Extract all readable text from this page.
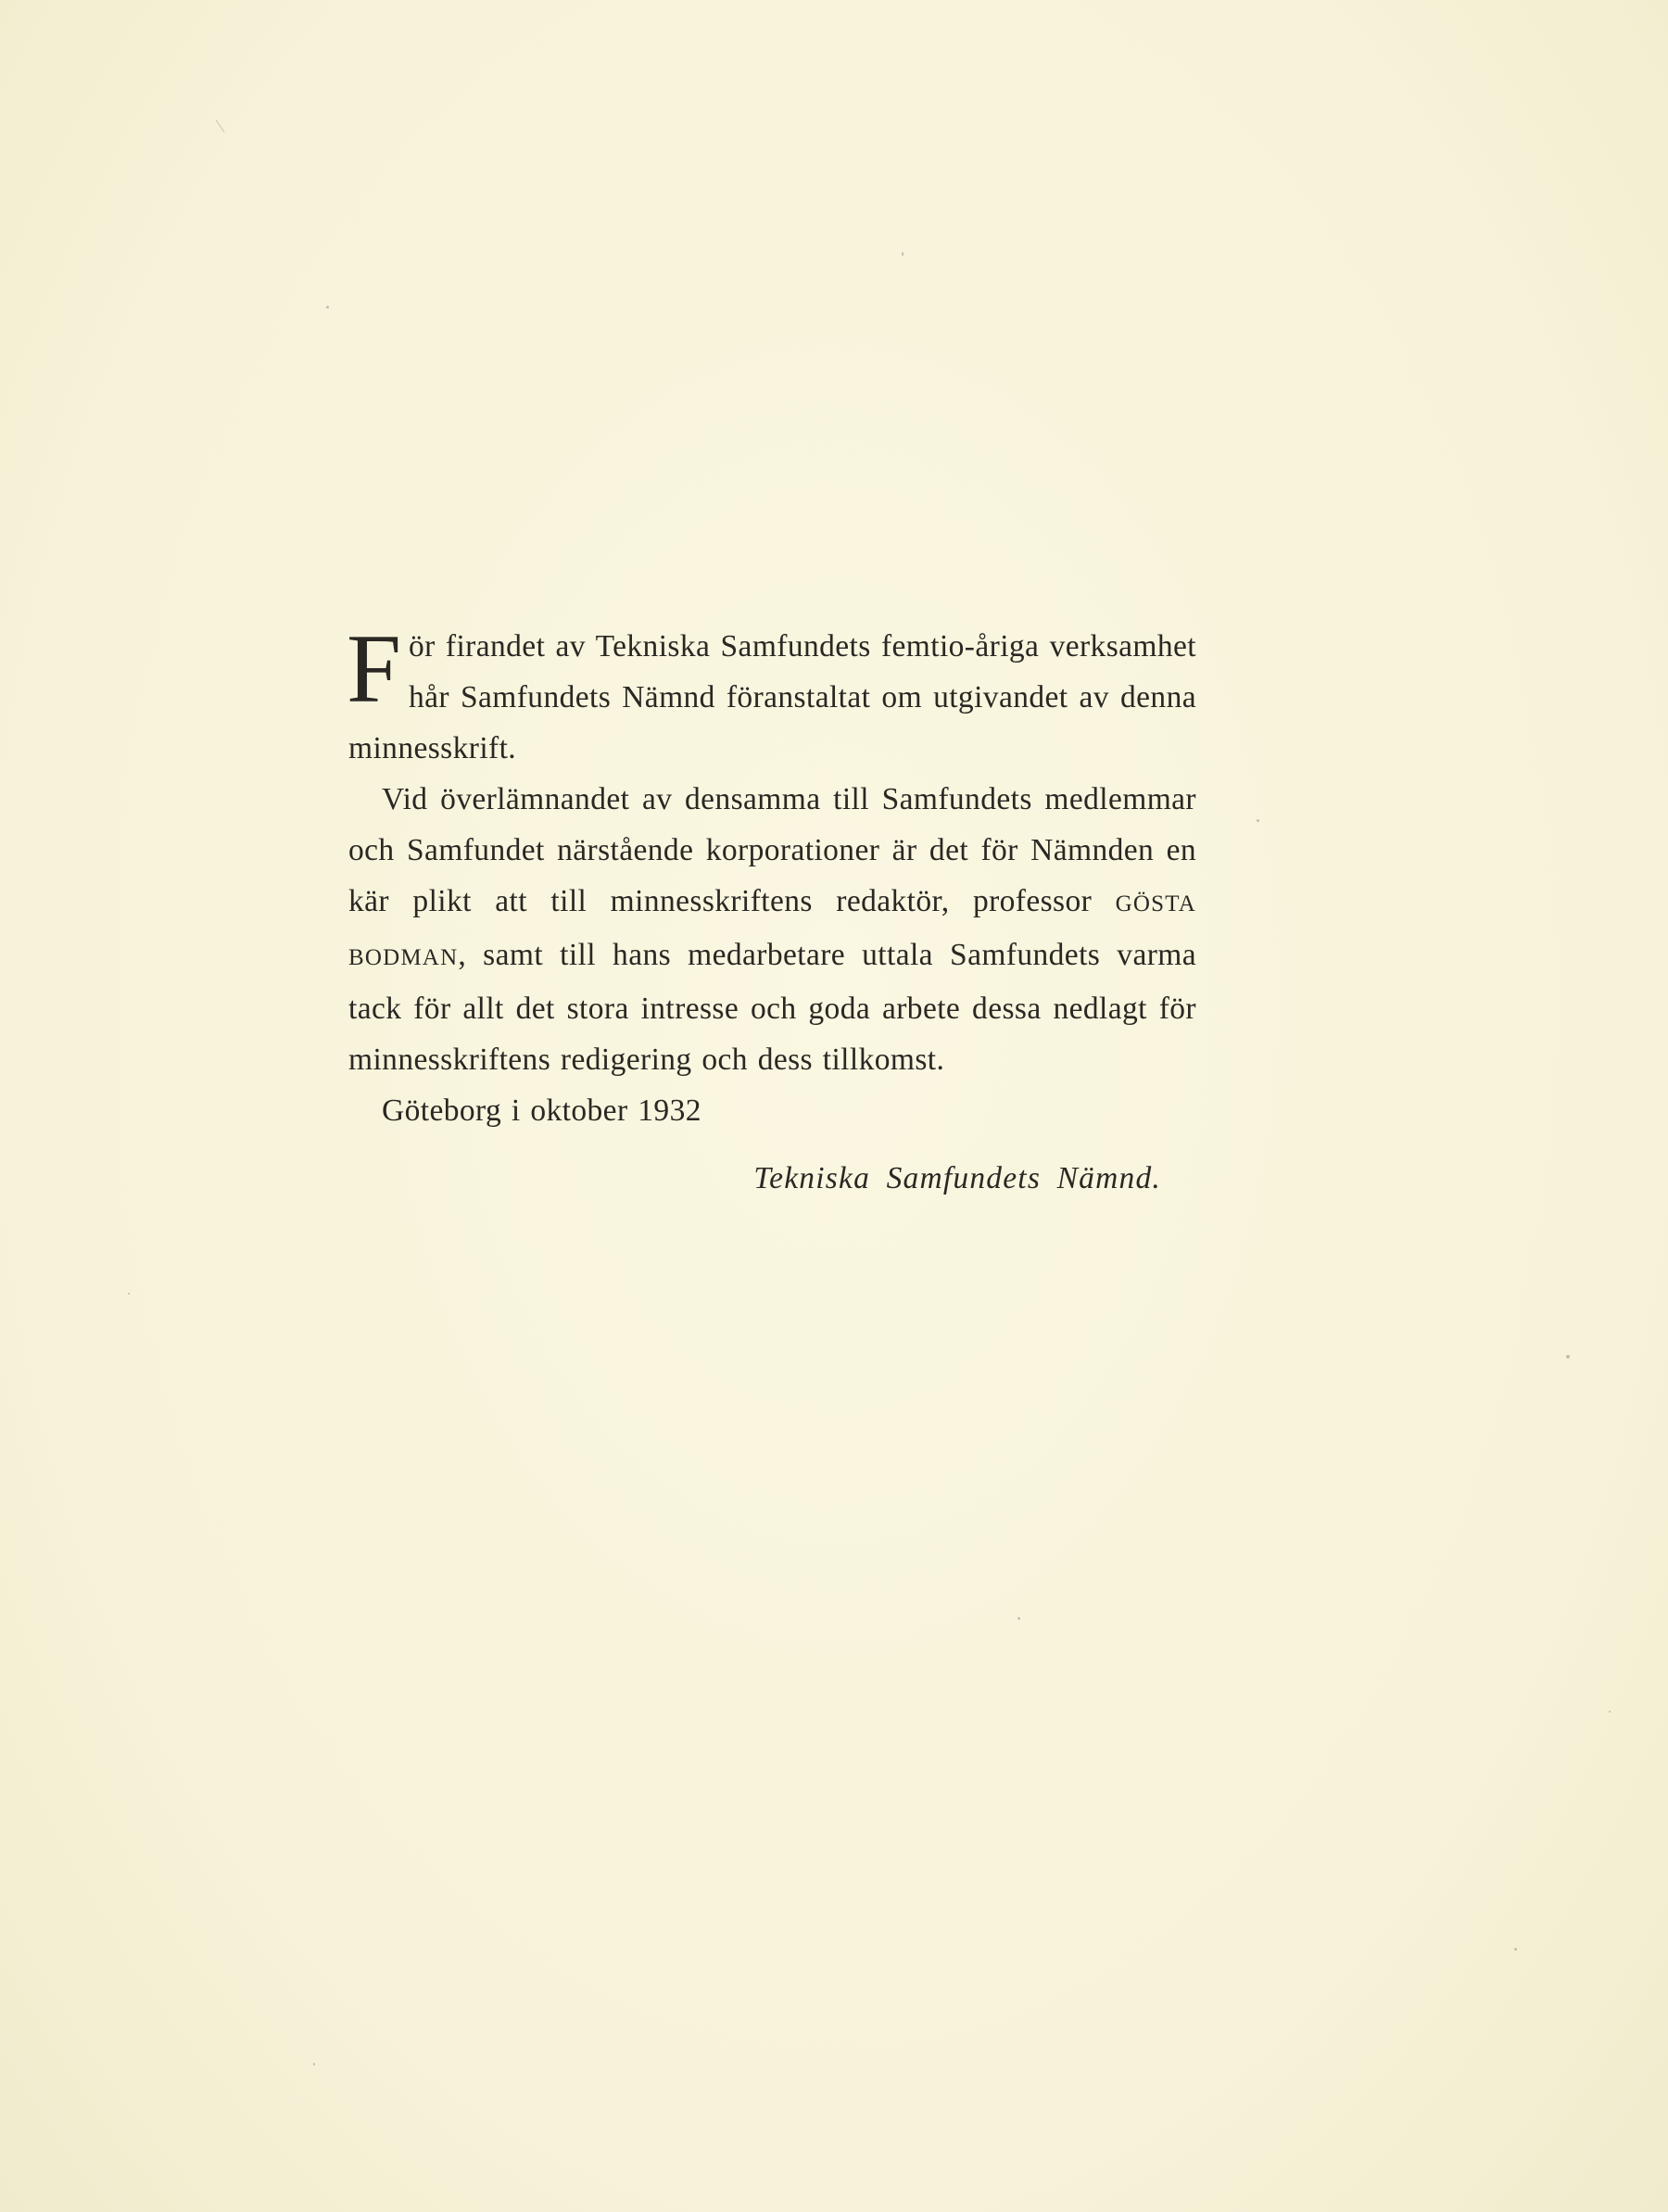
För firandet av Tekniska Samfundets femtio-åriga verksamhet hår Samfundets Nämnd föranstaltat om utgivandet av denna minnesskrift.

Vid överlämnandet av densamma till Samfundets medlemmar och Samfundet närstående korporationer är det för Nämnden en kär plikt att till minnesskriftens redaktör, professor GÖSTA BODMAN, samt till hans medarbetare uttala Samfundets varma tack för allt det stora intresse och goda arbete dessa nedlagt för minnesskriftens redigering och dess tillkomst.

Göteborg i oktober 1932

Tekniska Samfundets Nämnd.
